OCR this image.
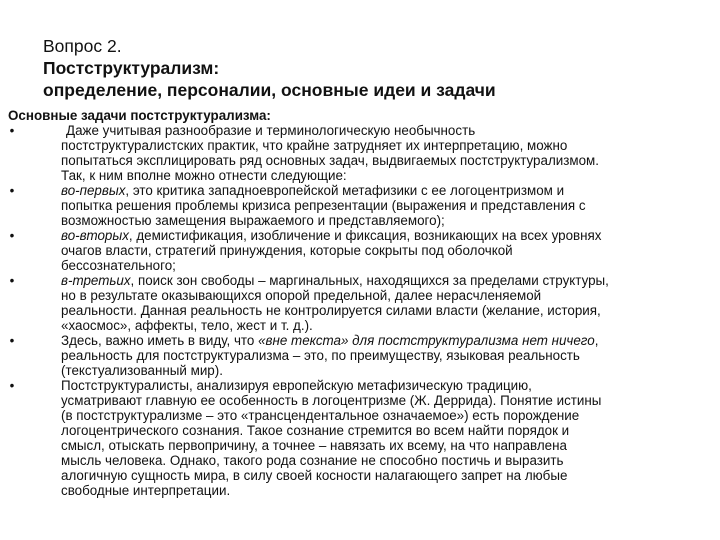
Вопрос 2.
Постструктурализм:
определение, персоналии, основные идеи и задачи
Основные задачи постструктурализма:
•	Даже учитывая разнообразие и терминологическую необычность
постструктуралистских практик, что крайне затрудняет их интерпретацию, можно
попытаться эксплицировать ряд основных задач, выдвигаемых постструктурализмом.
Так, к ним вполне можно отнести следующие:
•	во-первых, это критика западноевропейской метафизики с ее логоцентризмом и
попытка решения проблемы кризиса репрезентации (выражения и представления с
возможностью замещения выражаемого и представляемого);
•	во-вторых, демистификация, изобличение и фиксация, возникающих на всех уровнях
очагов власти, стратегий принуждения, которые сокрыты под оболочкой
бессознательного;
•	в-третьих, поиск зон свободы – маргинальных, находящихся за пределами структуры,
но в результате оказывающихся опорой предельной, далее нерасчленяемой
реальности. Данная реальность не контролируется силами власти (желание, история,
«хаосмос», аффекты, тело, жест и т. д.).
•	Здесь, важно иметь в виду, что «вне текста» для постструктурализма нет ничего,
реальность для постструктурализма – это, по преимуществу, языковая реальность
(текстуализованный мир).
•	Постструктуралисты, анализируя европейскую метафизическую традицию,
усматривают главную ее особенность в логоцентризме (Ж. Деррида). Понятие истины
(в постструктурализме – это «трансцендентальное означаемое») есть порождение
логоцентрического сознания. Такое сознание стремится во всем найти порядок и
смысл, отыскать первопричину, а точнее – навязать их всему, на что направлена
мысль человека. Однако, такого рода сознание не способно постичь и выразить
алогичную сущность мира, в силу своей косности налагающего запрет на любые
свободные интерпретации.
